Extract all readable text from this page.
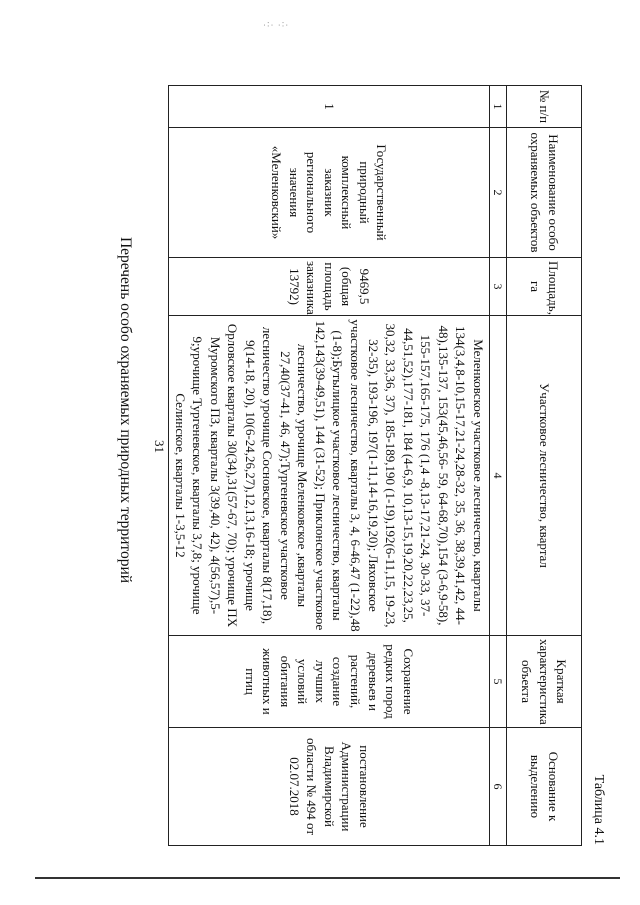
·:· ·:·
Таблица 4.1
№ п/п	Наименование особо охраняемых объектов	Площадь, га	Участковое лесничество, квартал	Краткая характеристика объекта	Основание к выделению
1	2	3	4	5	6
1	Государственный природный комплексный заказник регионального значения «Меленковский»	9469,5 (общая площадь заказника 13792)	Меленковское участковое лесничество, кварталы 134(3,4,8-10,15-17,21-24,28-32, 35, 36, 38,39,41,42, 44-48),135-137, 153(45,46,56- 59, 64-68,70),154 (3-6,9-58), 155-157,165-175, 176 (1,4 -8,13-17,21-24, 30-33, 37-44,51,52),177-181, 184 (4-6,9, 10,13-15,19,20,22,23,25, 30,32, 33,36, 37), 185-189,190 (1-19),192(6-11,15, 19-23, 32-35), 193-196, 197(1-11,14-16,19,20); Ляховское участковое лесничество, кварталы 3, 4, 6-46,47 (1-22),48 (1-8);Бутылицкое участковое лесничество, кварталы 142,143(39-49,51), 144 (31-52); Приклонское участковое лесничество, урочище Меленковское ,кварталы 27,40(37-41, 46, 47);Тургеневское участковое лесничество урочище Сосновское, кварталы 8(17,18), 9(14-18, 20), 10(6-24,26,27),12,13,16-18; урочище Орловское кварталы 30(34),31(57-67, 70); урочище ПХ Муромского ПЗ, кварталы 3(39,40, 42), 4(56,57),5-9;урочище Тургеневское, кварталы 3,7,8; урочище Селинское, кварталы 1-3,5-12	Сохранение редких пород деревьев и растений, создание лучших условий обитания животных и птиц	постановление Администрации Владимирской области № 494 от 02.07.2018
31
Перечень особо охраняемых природных территорий
